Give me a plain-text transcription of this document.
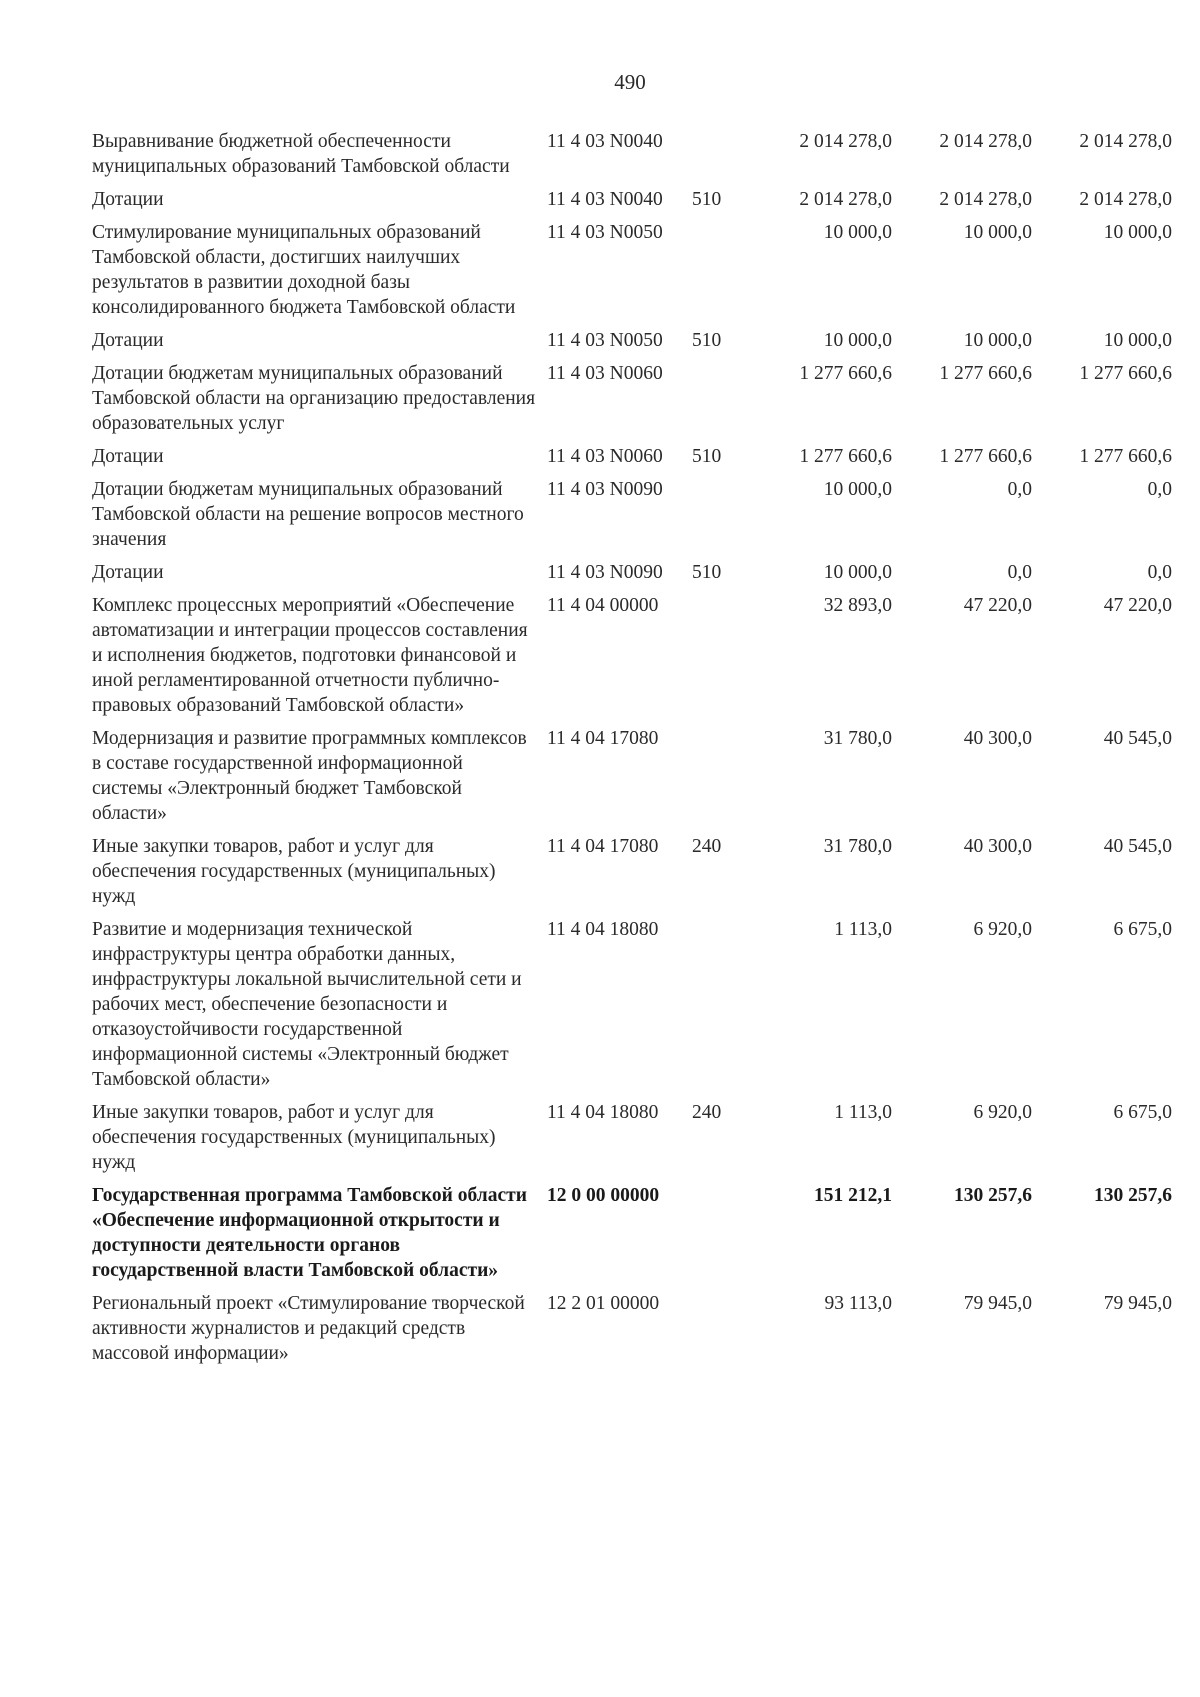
490
Выравнивание бюджетной обеспеченности муниципальных образований Тамбовской области	11 4 03 N0040		2 014 278,0	2 014 278,0	2 014 278,0
Дотации	11 4 03 N0040	510	2 014 278,0	2 014 278,0	2 014 278,0
Стимулирование муниципальных образований Тамбовской области, достигших наилучших результатов в развитии доходной базы консолидированного бюджета Тамбовской области	11 4 03 N0050		10 000,0	10 000,0	10 000,0
Дотации	11 4 03 N0050	510	10 000,0	10 000,0	10 000,0
Дотации бюджетам муниципальных образований Тамбовской области на организацию предоставления образовательных услуг	11 4 03 N0060		1 277 660,6	1 277 660,6	1 277 660,6
Дотации	11 4 03 N0060	510	1 277 660,6	1 277 660,6	1 277 660,6
Дотации бюджетам муниципальных образований Тамбовской области на решение вопросов местного значения	11 4 03 N0090		10 000,0	0,0	0,0
Дотации	11 4 03 N0090	510	10 000,0	0,0	0,0
Комплекс процессных мероприятий «Обеспечение автоматизации и интеграции процессов составления и исполнения бюджетов, подготовки финансовой и иной регламентированной отчетности публично-правовых образований Тамбовской области»	11 4 04 00000		32 893,0	47 220,0	47 220,0
Модернизация и развитие программных комплексов в составе государственной информационной системы «Электронный бюджет Тамбовской области»	11 4 04 17080		31 780,0	40 300,0	40 545,0
Иные закупки товаров, работ и услуг для обеспечения государственных (муниципальных) нужд	11 4 04 17080	240	31 780,0	40 300,0	40 545,0
Развитие и модернизация технической инфраструктуры центра обработки данных, инфраструктуры локальной вычислительной сети и рабочих мест, обеспечение безопасности и отказоустойчивости государственной информационной системы «Электронный бюджет Тамбовской области»	11 4 04 18080		1 113,0	6 920,0	6 675,0
Иные закупки товаров, работ и услуг для обеспечения государственных (муниципальных) нужд	11 4 04 18080	240	1 113,0	6 920,0	6 675,0
Государственная программа Тамбовской области «Обеспечение информационной открытости и доступности деятельности органов государственной власти Тамбовской области»	12 0 00 00000		151 212,1	130 257,6	130 257,6
Региональный проект «Стимулирование творческой активности журналистов и редакций средств массовой информации»	12 2 01 00000		93 113,0	79 945,0	79 945,0
